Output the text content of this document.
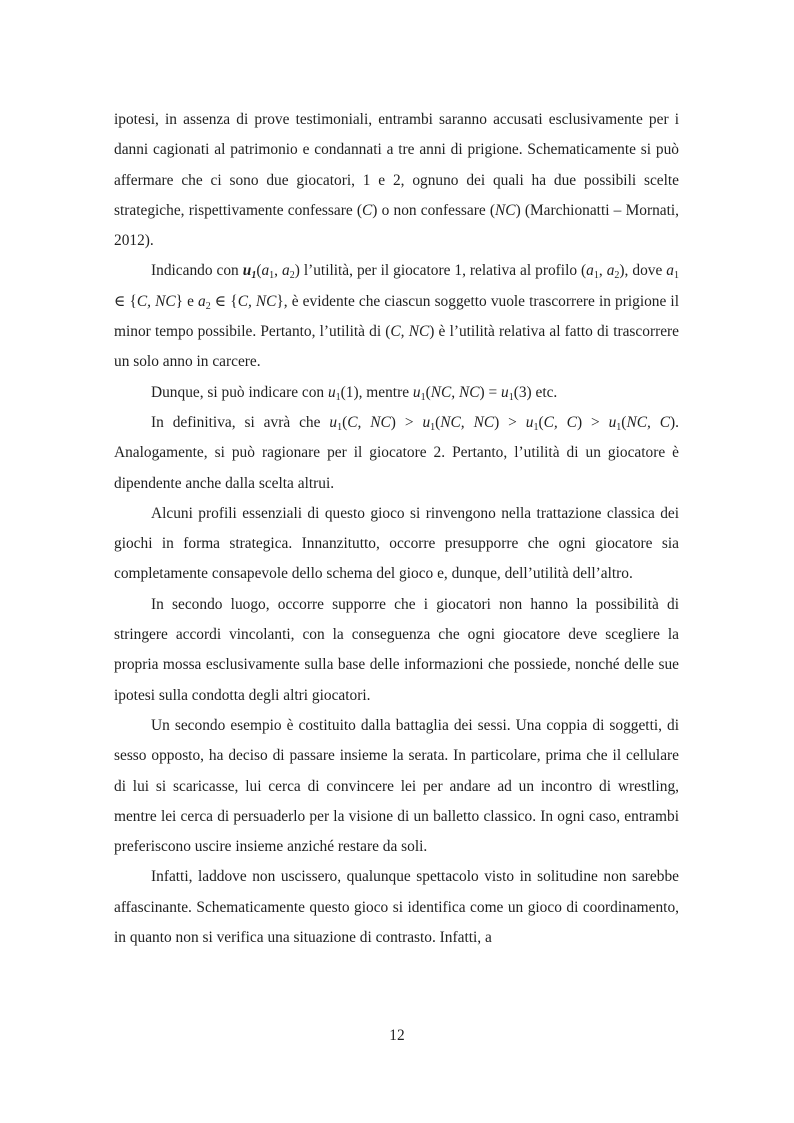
ipotesi, in assenza di prove testimoniali, entrambi saranno accusati esclusivamente per i danni cagionati al patrimonio e condannati a tre anni di prigione. Schematicamente si può affermare che ci sono due giocatori, 1 e 2, ognuno dei quali ha due possibili scelte strategiche, rispettivamente confessare (C) o non confessare (NC) (Marchionatti – Mornati, 2012).

Indicando con $u_1(a_1$, $a_2$) l’utilità, per il giocatore 1, relativa al profilo ($a_1$, $a_2$), dove $a_1$ ∈ {C, NC} e $a_2$ ∈ {C, NC}, è evidente che ciascun soggetto vuole trascorrere in prigione il minor tempo possibile. Pertanto, l’utilità di (C, NC) è l’utilità relativa al fatto di trascorrere un solo anno in carcere.

Dunque, si può indicare con $u_1(1)$, mentre $u_1(NC$, $NC) = u_1(3)$ etc.

In definitiva, si avrà che $u_1(C$, $NC) > u_1(NC$, $NC) > u_1(C$, $C) > u_1(NC$, C). Analogamente, si può ragionare per il giocatore 2. Pertanto, l’utilità di un giocatore è dipendente anche dalla scelta altrui.

Alcuni profili essenziali di questo gioco si rinvengono nella trattazione classica dei giochi in forma strategica. Innanzitutto, occorre presupporre che ogni giocatore sia completamente consapevole dello schema del gioco e, dunque, dell’utilità dell’altro.

In secondo luogo, occorre supporre che i giocatori non hanno la possibilità di stringere accordi vincolanti, con la conseguenza che ogni giocatore deve scegliere la propria mossa esclusivamente sulla base delle informazioni che possiede, nonché delle sue ipotesi sulla condotta degli altri giocatori.

Un secondo esempio è costituito dalla battaglia dei sessi. Una coppia di soggetti, di sesso opposto, ha deciso di passare insieme la serata. In particolare, prima che il cellulare di lui si scaricasse, lui cerca di convincere lei per andare ad un incontro di wrestling, mentre lei cerca di persuaderlo per la visione di un balletto classico. In ogni caso, entrambi preferiscono uscire insieme anziché restare da soli.

Infatti, laddove non uscissero, qualunque spettacolo visto in solitudine non sarebbe affascinante. Schematicamente questo gioco si identifica come un gioco di coordinamento, in quanto non si verifica una situazione di contrasto. Infatti, a

12
